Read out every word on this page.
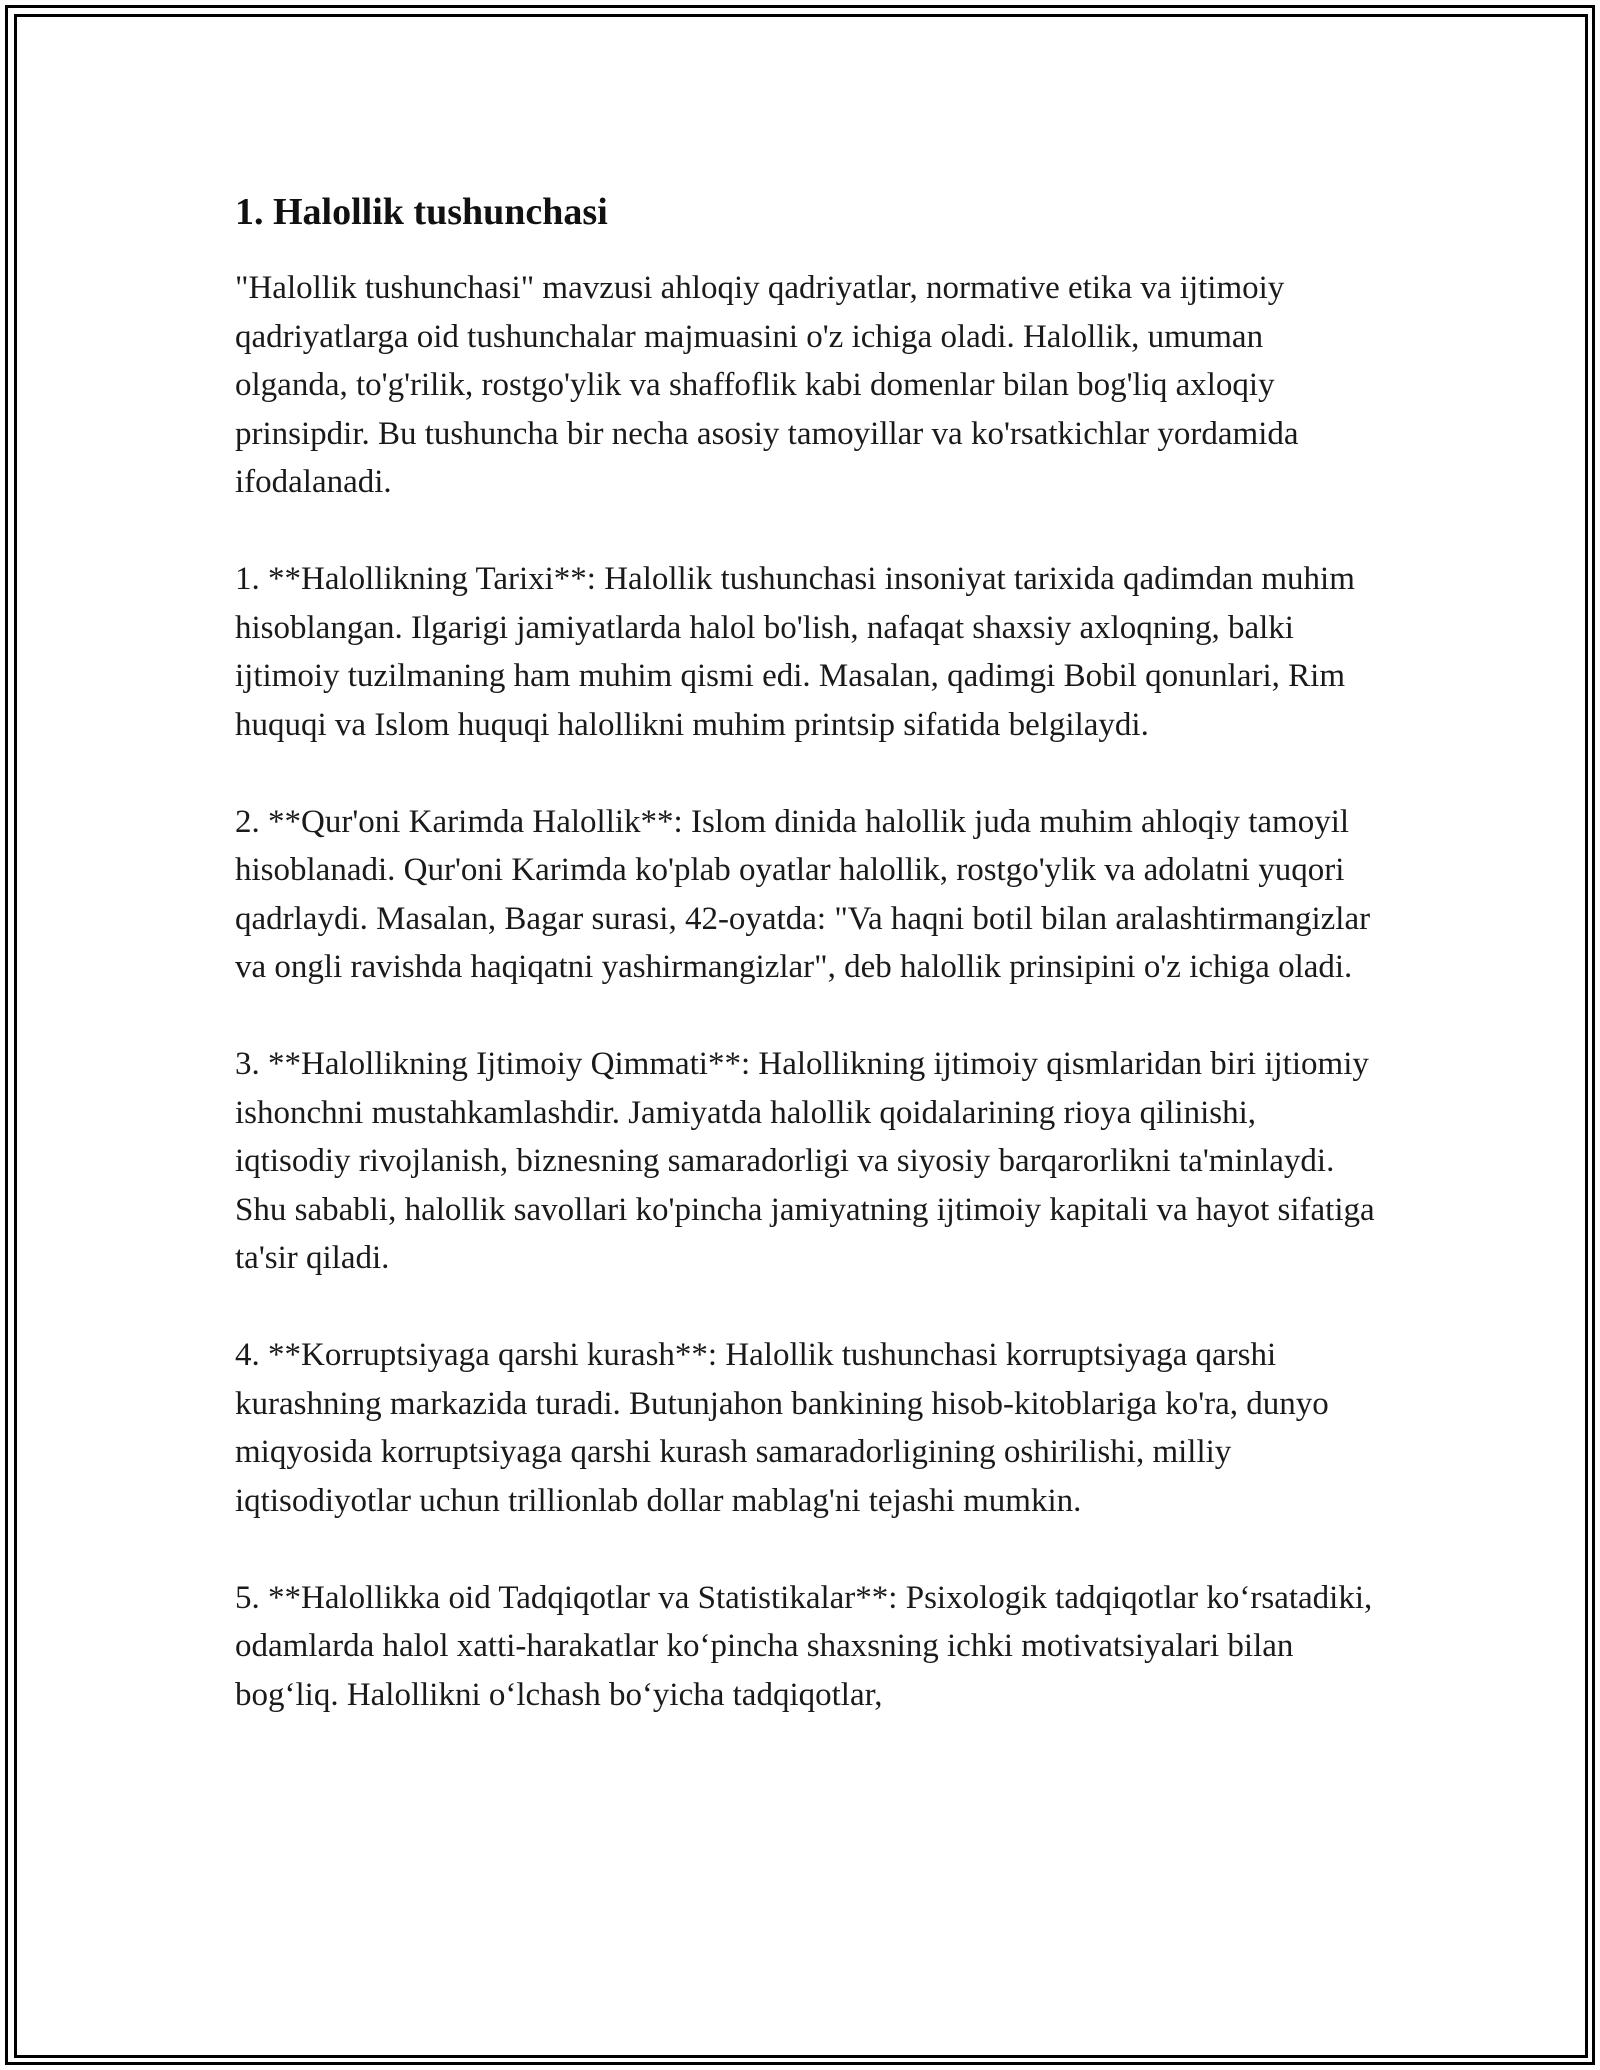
1. Halollik tushunchasi

"Halollik tushunchasi" mavzusi ahloqiy qadriyatlar, normative etika va ijtimoiy qadriyatlarga oid tushunchalar majmuasini o'z ichiga oladi. Halollik, umuman olganda, to'g'rilik, rostgo'ylik va shaffoflik kabi domenlar bilan bog'liq axloqiy prinsipdir. Bu tushuncha bir necha asosiy tamoyillar va ko'rsatkichlar yordamida ifodalanadi.

1. **Halollikning Tarixi**: Halollik tushunchasi insoniyat tarixida qadimdan muhim hisoblangan. Ilgarigi jamiyatlarda halol bo'lish, nafaqat shaxsiy axloqning, balki ijtimoiy tuzilmaning ham muhim qismi edi. Masalan, qadimgi Bobil qonunlari, Rim huquqi va Islom huquqi halollikni muhim printsip sifatida belgilaydi.

2. **Qur'oni Karimda Halollik**: Islom dinida halollik juda muhim ahloqiy tamoyil hisoblanadi. Qur'oni Karimda ko'plab oyatlar halollik, rostgo'ylik va adolatni yuqori qadrlaydi. Masalan, Bagar surasi, 42-oyatda: "Va haqni botil bilan aralashtirmangizlar va ongli ravishda haqiqatni yashirmangizlar", deb halollik prinsipini o'z ichiga oladi.

3. **Halollikning Ijtimoiy Qimmati**: Halollikning ijtimoiy qismlaridan biri ijtiomiy ishonchni mustahkamlashdir. Jamiyatda halollik qoidalarining rioya qilinishi, iqtisodiy rivojlanish, biznesning samaradorligi va siyosiy barqarorlikni ta'minlaydi. Shu sababli, halollik savollari ko'pincha jamiyatning ijtimoiy kapitali va hayot sifatiga ta'sir qiladi.

4. **Korruptsiyaga qarshi kurash**: Halollik tushunchasi korruptsiyaga qarshi kurashning markazida turadi. Butunjahon bankining hisob-kitoblariga ko'ra, dunyo miqyosida korruptsiyaga qarshi kurash samaradorligining oshirilishi, milliy iqtisodiyotlar uchun trillionlab dollar mablag'ni tejashi mumkin.

5. **Halollikka oid Tadqiqotlar va Statistikalar**: Psixologik tadqiqotlar ko‘rsatadiki, odamlarda halol xatti-harakatlar ko‘pincha shaxsning ichki motivatsiyalari bilan bog‘liq. Halollikni o‘lchash bo‘yicha tadqiqotlar,
